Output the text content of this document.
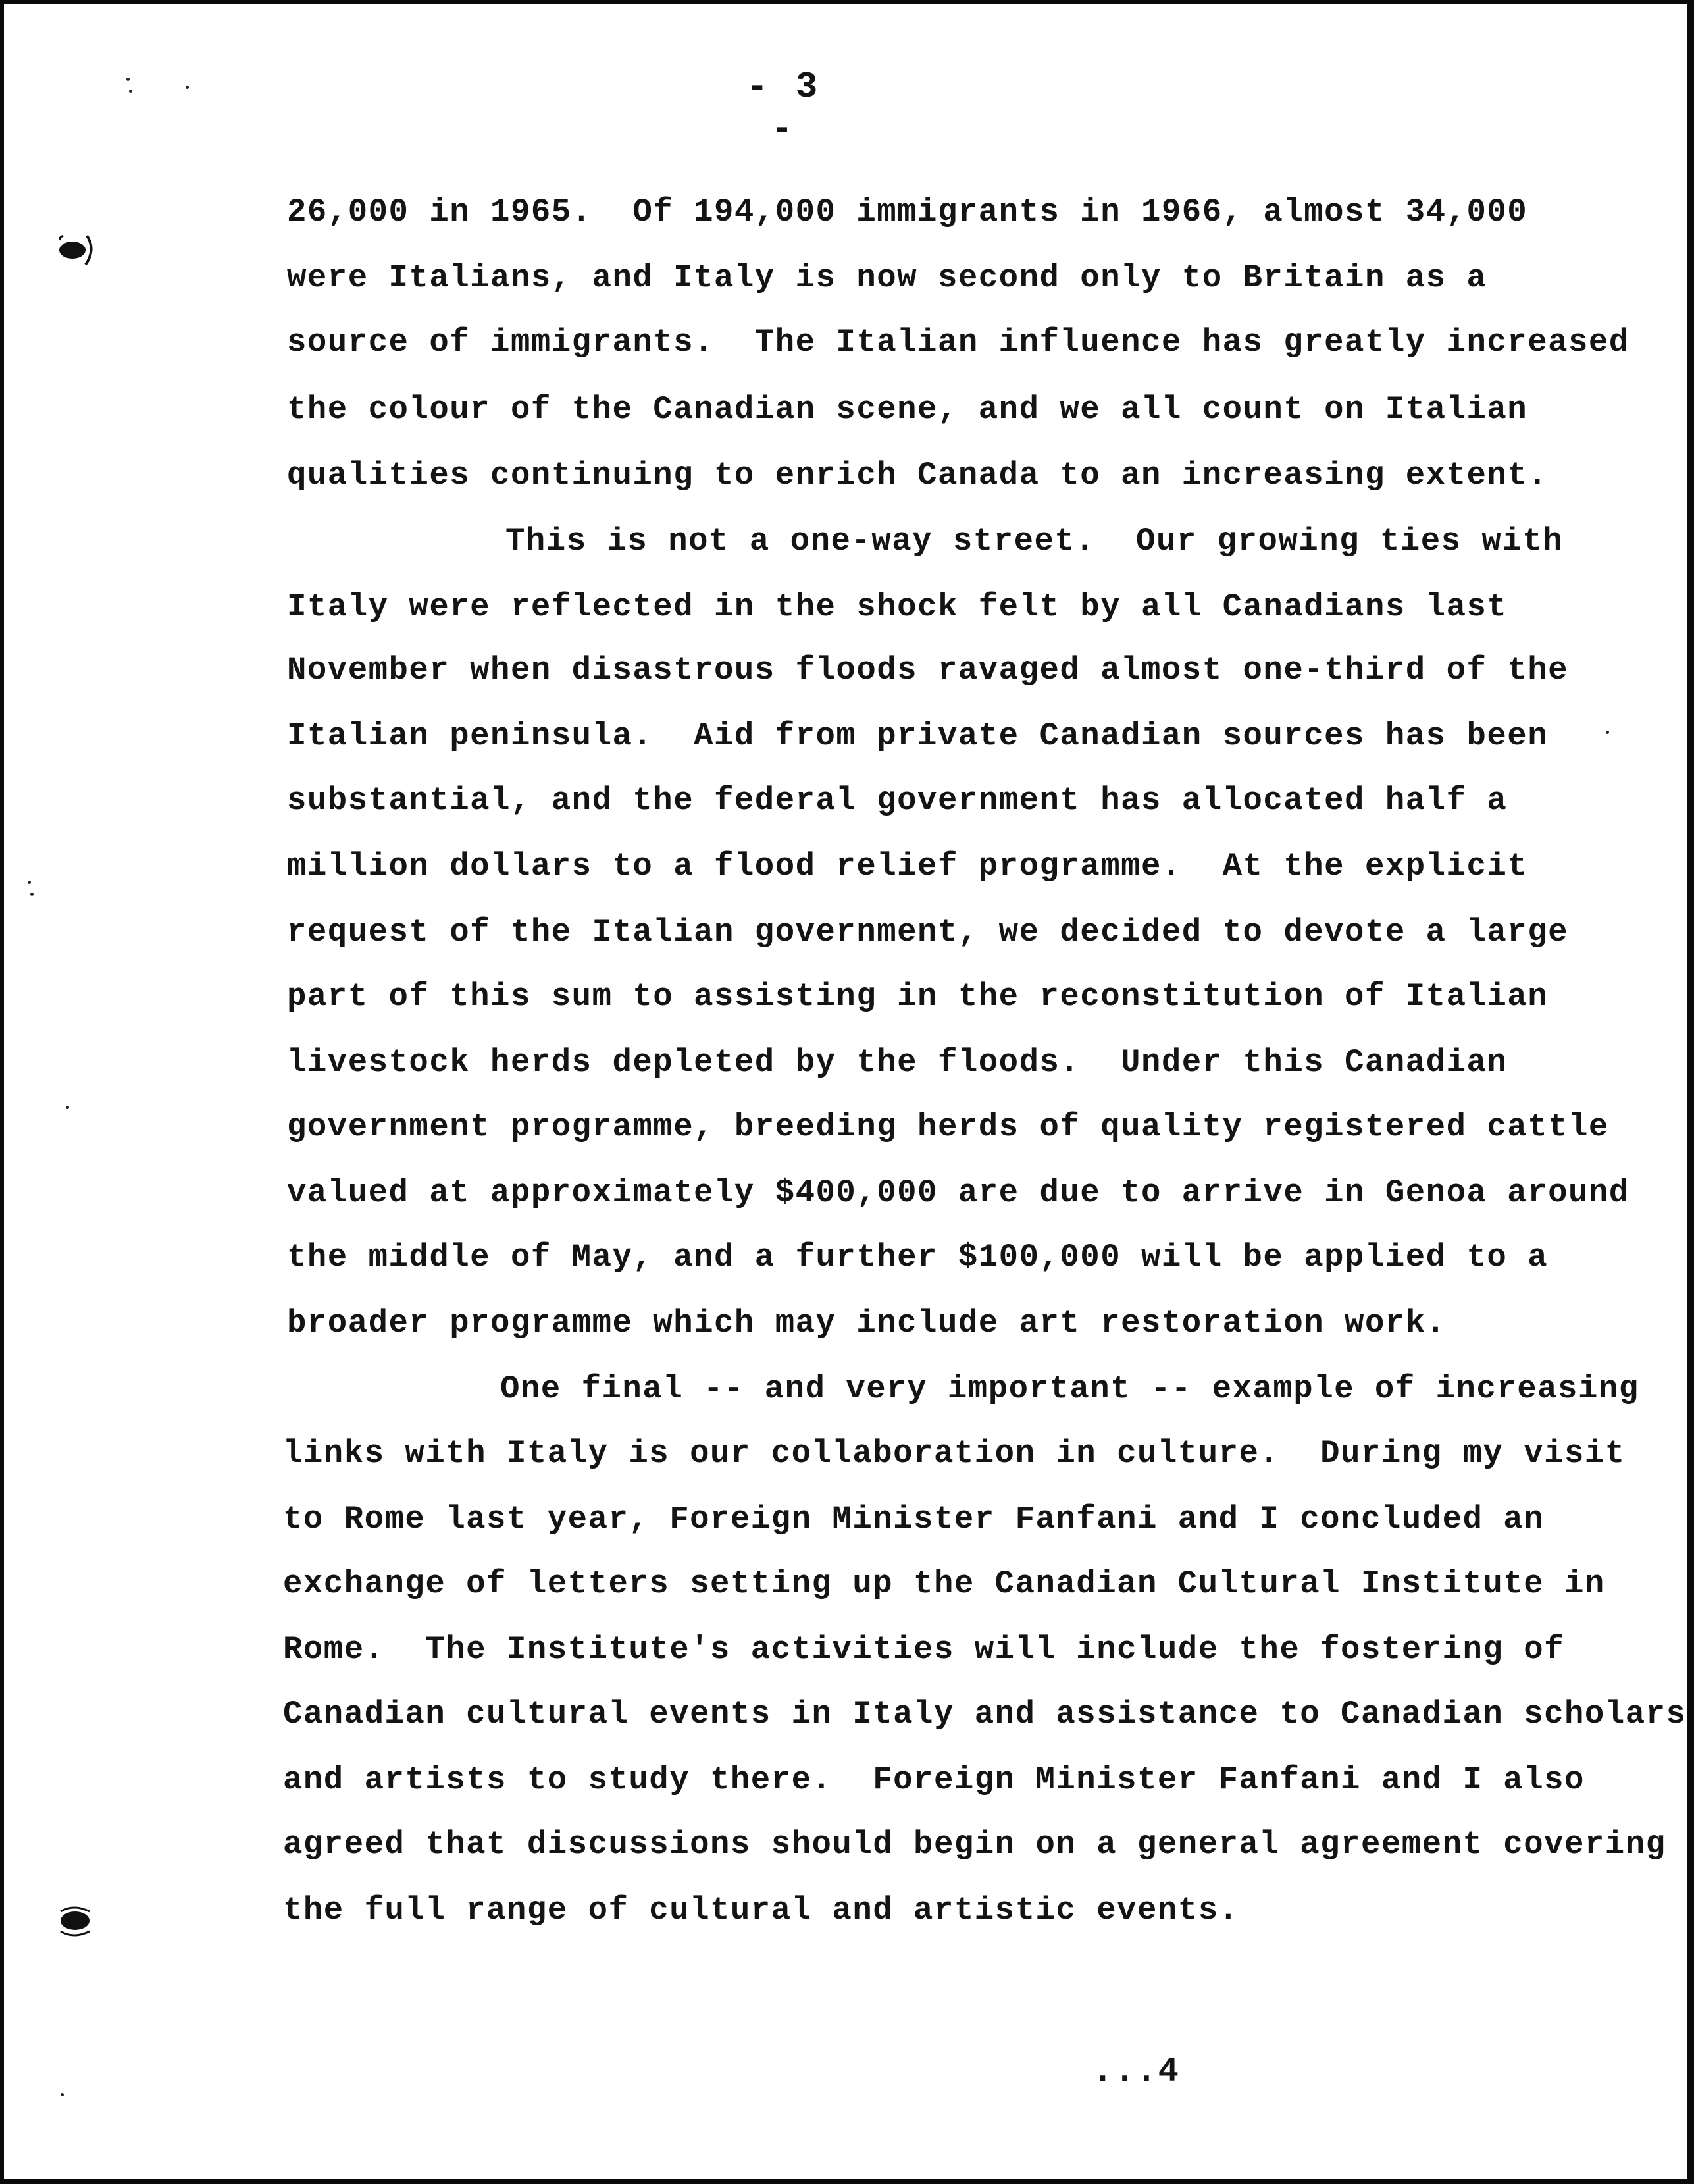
- 3 -
26,000 in 1965.  Of 194,000 immigrants in 1966, almost 34,000
were Italians, and Italy is now second only to Britain as a
source of immigrants.  The Italian influence has greatly increased
the colour of the Canadian scene, and we all count on Italian
qualities continuing to enrich Canada to an increasing extent.
This is not a one-way street.  Our growing ties with
Italy were reflected in the shock felt by all Canadians last
November when disastrous floods ravaged almost one-third of the
Italian peninsula.  Aid from private Canadian sources has been
substantial, and the federal government has allocated half a
million dollars to a flood relief programme.  At the explicit
request of the Italian government, we decided to devote a large
part of this sum to assisting in the reconstitution of Italian
livestock herds depleted by the floods.  Under this Canadian
government programme, breeding herds of quality registered cattle
valued at approximately $400,000 are due to arrive in Genoa around
the middle of May, and a further $100,000 will be applied to a
broader programme which may include art restoration work.
One final -- and very important -- example of increasing
links with Italy is our collaboration in culture.  During my visit
to Rome last year, Foreign Minister Fanfani and I concluded an
exchange of letters setting up the Canadian Cultural Institute in
Rome.  The Institute's activities will include the fostering of
Canadian cultural events in Italy and assistance to Canadian scholars
and artists to study there.  Foreign Minister Fanfani and I also
agreed that discussions should begin on a general agreement covering
the full range of cultural and artistic events.
...4
